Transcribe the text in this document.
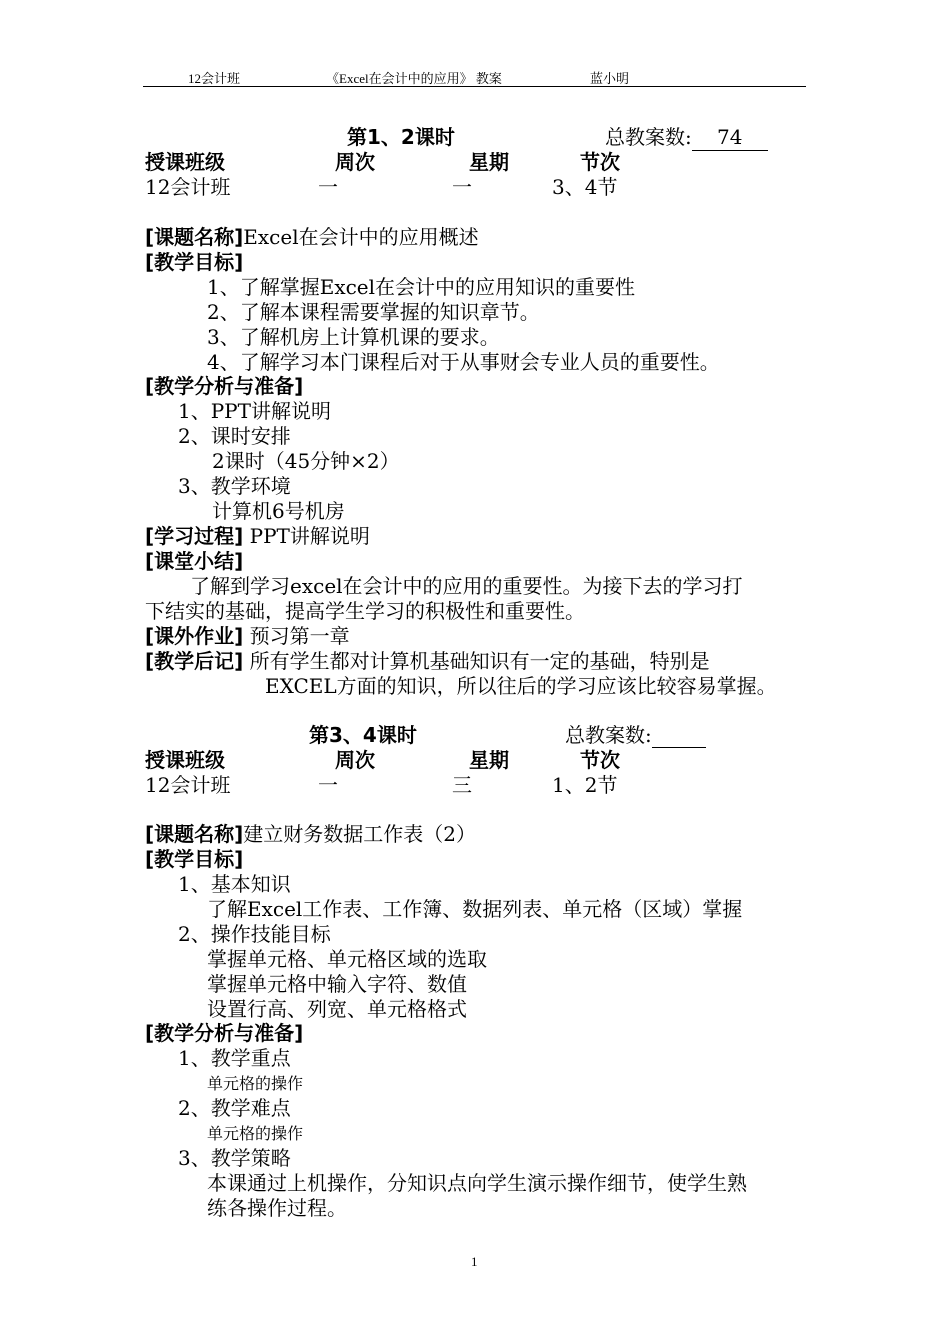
12会计班	《Excel在会计中的应用》 教案	蓝小明
第1、2课时	总教案数: 74
授课班级	周次	星期	节次
12会计班	一	一	3、4节
[课题名称]Excel在会计中的应用概述
[教学目标]
1、了解掌握Excel在会计中的应用知识的重要性
2、了解本课程需要掌握的知识章节。
3、了解机房上计算机课的要求。
4、了解学习本门课程后对于从事财会专业人员的重要性。
[教学分析与准备]
1、PPT讲解说明
2、课时安排
2课时（45分钟×2）
3、教学环境
计算机6号机房
[学习过程] PPT讲解说明
[课堂小结]
了解到学习excel在会计中的应用的重要性。为接下去的学习打
下结实的基础，提高学生学习的积极性和重要性。
[课外作业] 预习第一章
[教学后记] 所有学生都对计算机基础知识有一定的基础，特别是
EXCEL方面的知识，所以往后的学习应该比较容易掌握。
第3、4课时	总教案数:
授课班级	周次	星期	节次
12会计班	一	三	1、2节
[课题名称]建立财务数据工作表（2）
[教学目标]
1、基本知识
了解Excel工作表、工作簿、数据列表、单元格（区域）掌握
2、操作技能目标
掌握单元格、单元格区域的选取
掌握单元格中输入字符、数值
设置行高、列宽、单元格格式
[教学分析与准备]
1、教学重点
单元格的操作
2、教学难点
单元格的操作
3、教学策略
本课通过上机操作，分知识点向学生演示操作细节，使学生熟
练各操作过程。
1
